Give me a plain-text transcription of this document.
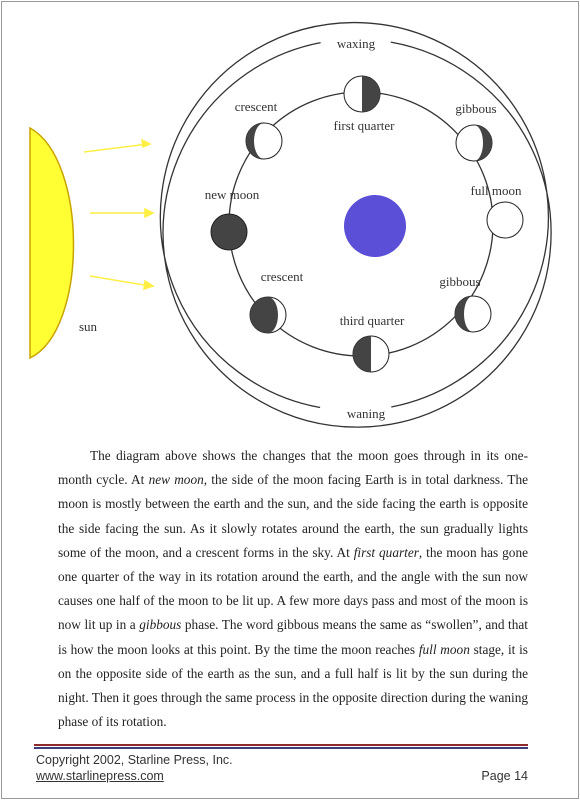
sun
waxing
waning
crescent
first quarter
gibbous
new moon	full moon
crescent	gibbous
third quarter

The diagram above shows the changes that the moon goes through in its one-month cycle. At new moon, the side of the moon facing Earth is in total darkness. The moon is mostly between the earth and the sun, and the side facing the earth is opposite the side facing the sun. As it slowly rotates around the earth, the sun gradually lights some of the moon, and a crescent forms in the sky. At first quarter, the moon has gone one quarter of the way in its rotation around the earth, and the angle with the sun now causes one half of the moon to be lit up. A few more days pass and most of the moon is now lit up in a gibbous phase. The word gibbous means the same as “swollen”, and that is how the moon looks at this point. By the time the moon reaches full moon stage, it is on the opposite side of the earth as the sun, and a full half is lit by the sun during the night. Then it goes through the same process in the opposite direction during the waning phase of its rotation.

Copyright 2002, Starline Press, Inc.
www.starlinepress.com	Page 14
